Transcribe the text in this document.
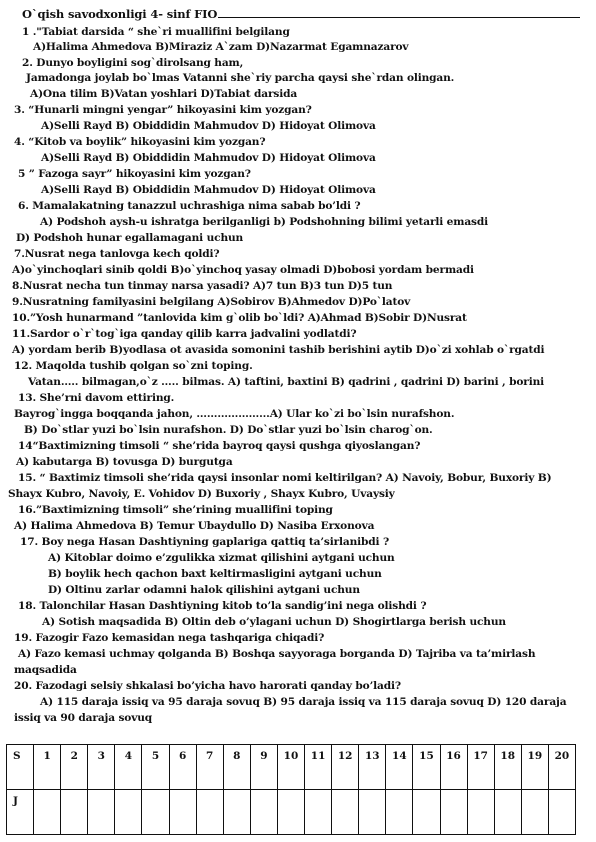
O`qish savodxonligi 4- sinf FIO
1 ."Tabiat darsida “ she`ri muallifini belgilang
A)Halima Ahmedova B)Miraziz A`zam D)Nazarmat Egamnazarov
2. Dunyo boyligini sog`dirolsang ham,
Jamadonga joylab bo`lmas Vatanni she`riy parcha qaysi she`rdan olingan.
A)Ona tilim B)Vatan yoshlari D)Tabiat darsida
3. “Hunarli mingni yengar” hikoyasini kim yozgan?
A)Selli Rayd B) Obiddidin Mahmudov D) Hidoyat Olimova
4. “Kitob va boylik” hikoyasini kim yozgan?
A)Selli Rayd B) Obiddidin Mahmudov D) Hidoyat Olimova
5 ” Fazoga sayr” hikoyasini kim yozgan?
A)Selli Rayd B) Obiddidin Mahmudov D) Hidoyat Olimova
6. Mamalakatning tanazzul uchrashiga nima sabab bo’ldi ?
A) Podshoh aysh-u ishratga berilganligi b) Podshohning bilimi yetarli emasdi
D) Podshoh hunar egallamagani uchun
7.Nusrat nega tanlovga kech qoldi?
A)o`yinchoqlari sinib qoldi B)o`yinchoq yasay olmadi D)bobosi yordam bermadi
8.Nusrat necha tun tinmay narsa yasadi? A)7 tun B)3 tun D)5 tun
9.Nusratning familyasini belgilang A)Sobirov B)Ahmedov D)Po`latov
10.”Yosh hunarmand ”tanlovida kim g`olib bo`ldi? A)Ahmad B)Sobir D)Nusrat
11.Sardor o`r`tog`iga qanday qilib karra jadvalini yodlatdi?
A) yordam berib B)yodlasa ot avasida somonini tashib berishini aytib D)o`zi xohlab o`rgatdi
12. Maqolda tushib qolgan so`zni toping.
Vatan….. bilmagan,o`z ….. bilmas. A) taftini, baxtini B) qadrini , qadrini D) barini , borini
13. She’rni davom ettiring.
Bayrog`ingga boqqanda jahon, ………………...A) Ular ko`zi bo`lsin nurafshon.
B) Do`stlar yuzi bo`lsin nurafshon. D) Do`stlar yuzi bo`lsin charog`on.
14“Baxtimizning timsoli “ she’rida bayroq qaysi qushga qiyoslangan?
A) kabutarga B) tovusga D) burgutga
15. “ Baxtimiz timsoli she’rida qaysi insonlar nomi keltirilgan? A) Navoiy, Bobur, Buxoriy B)
Shayx Kubro, Navoiy, E. Vohidov D) Buxoriy , Shayx Kubro, Uvaysiy
16.”Baxtimizning timsoli” she’rining muallifini toping
A) Halima Ahmedova B) Temur Ubaydullo D) Nasiba Erxonova
17. Boy nega Hasan Dashtiyning gaplariga qattiq ta’sirlanibdi ?
A) Kitoblar doimo e’zgulikka xizmat qilishini aytgani uchun
B) boylik hech qachon baxt keltirmasligini aytgani uchun
D) Oltinu zarlar odamni halok qilishini aytgani uchun
18. Talonchilar Hasan Dashtiyning kitob to’la sandig’ini nega olishdi ?
A) Sotish maqsadida B) Oltin deb o’ylagani uchun D) Shogirtlarga berish uchun
19. Fazogir Fazo kemasidan nega tashqariga chiqadi?
A) Fazo kemasi uchmay qolganda B) Boshqa sayyoraga borganda D) Tajriba va ta’mirlash
maqsadida
20. Fazodagi selsiy shkalasi bo’yicha havo harorati qanday bo’ladi?
A) 115 daraja issiq va 95 daraja sovuq B) 95 daraja issiq va 115 daraja sovuq D) 120 daraja
issiq va 90 daraja sovuq
S	1	2	3	4	5	6	7	8	9	10	11	12	13	14	15	16	17	18	19	20
J																				
